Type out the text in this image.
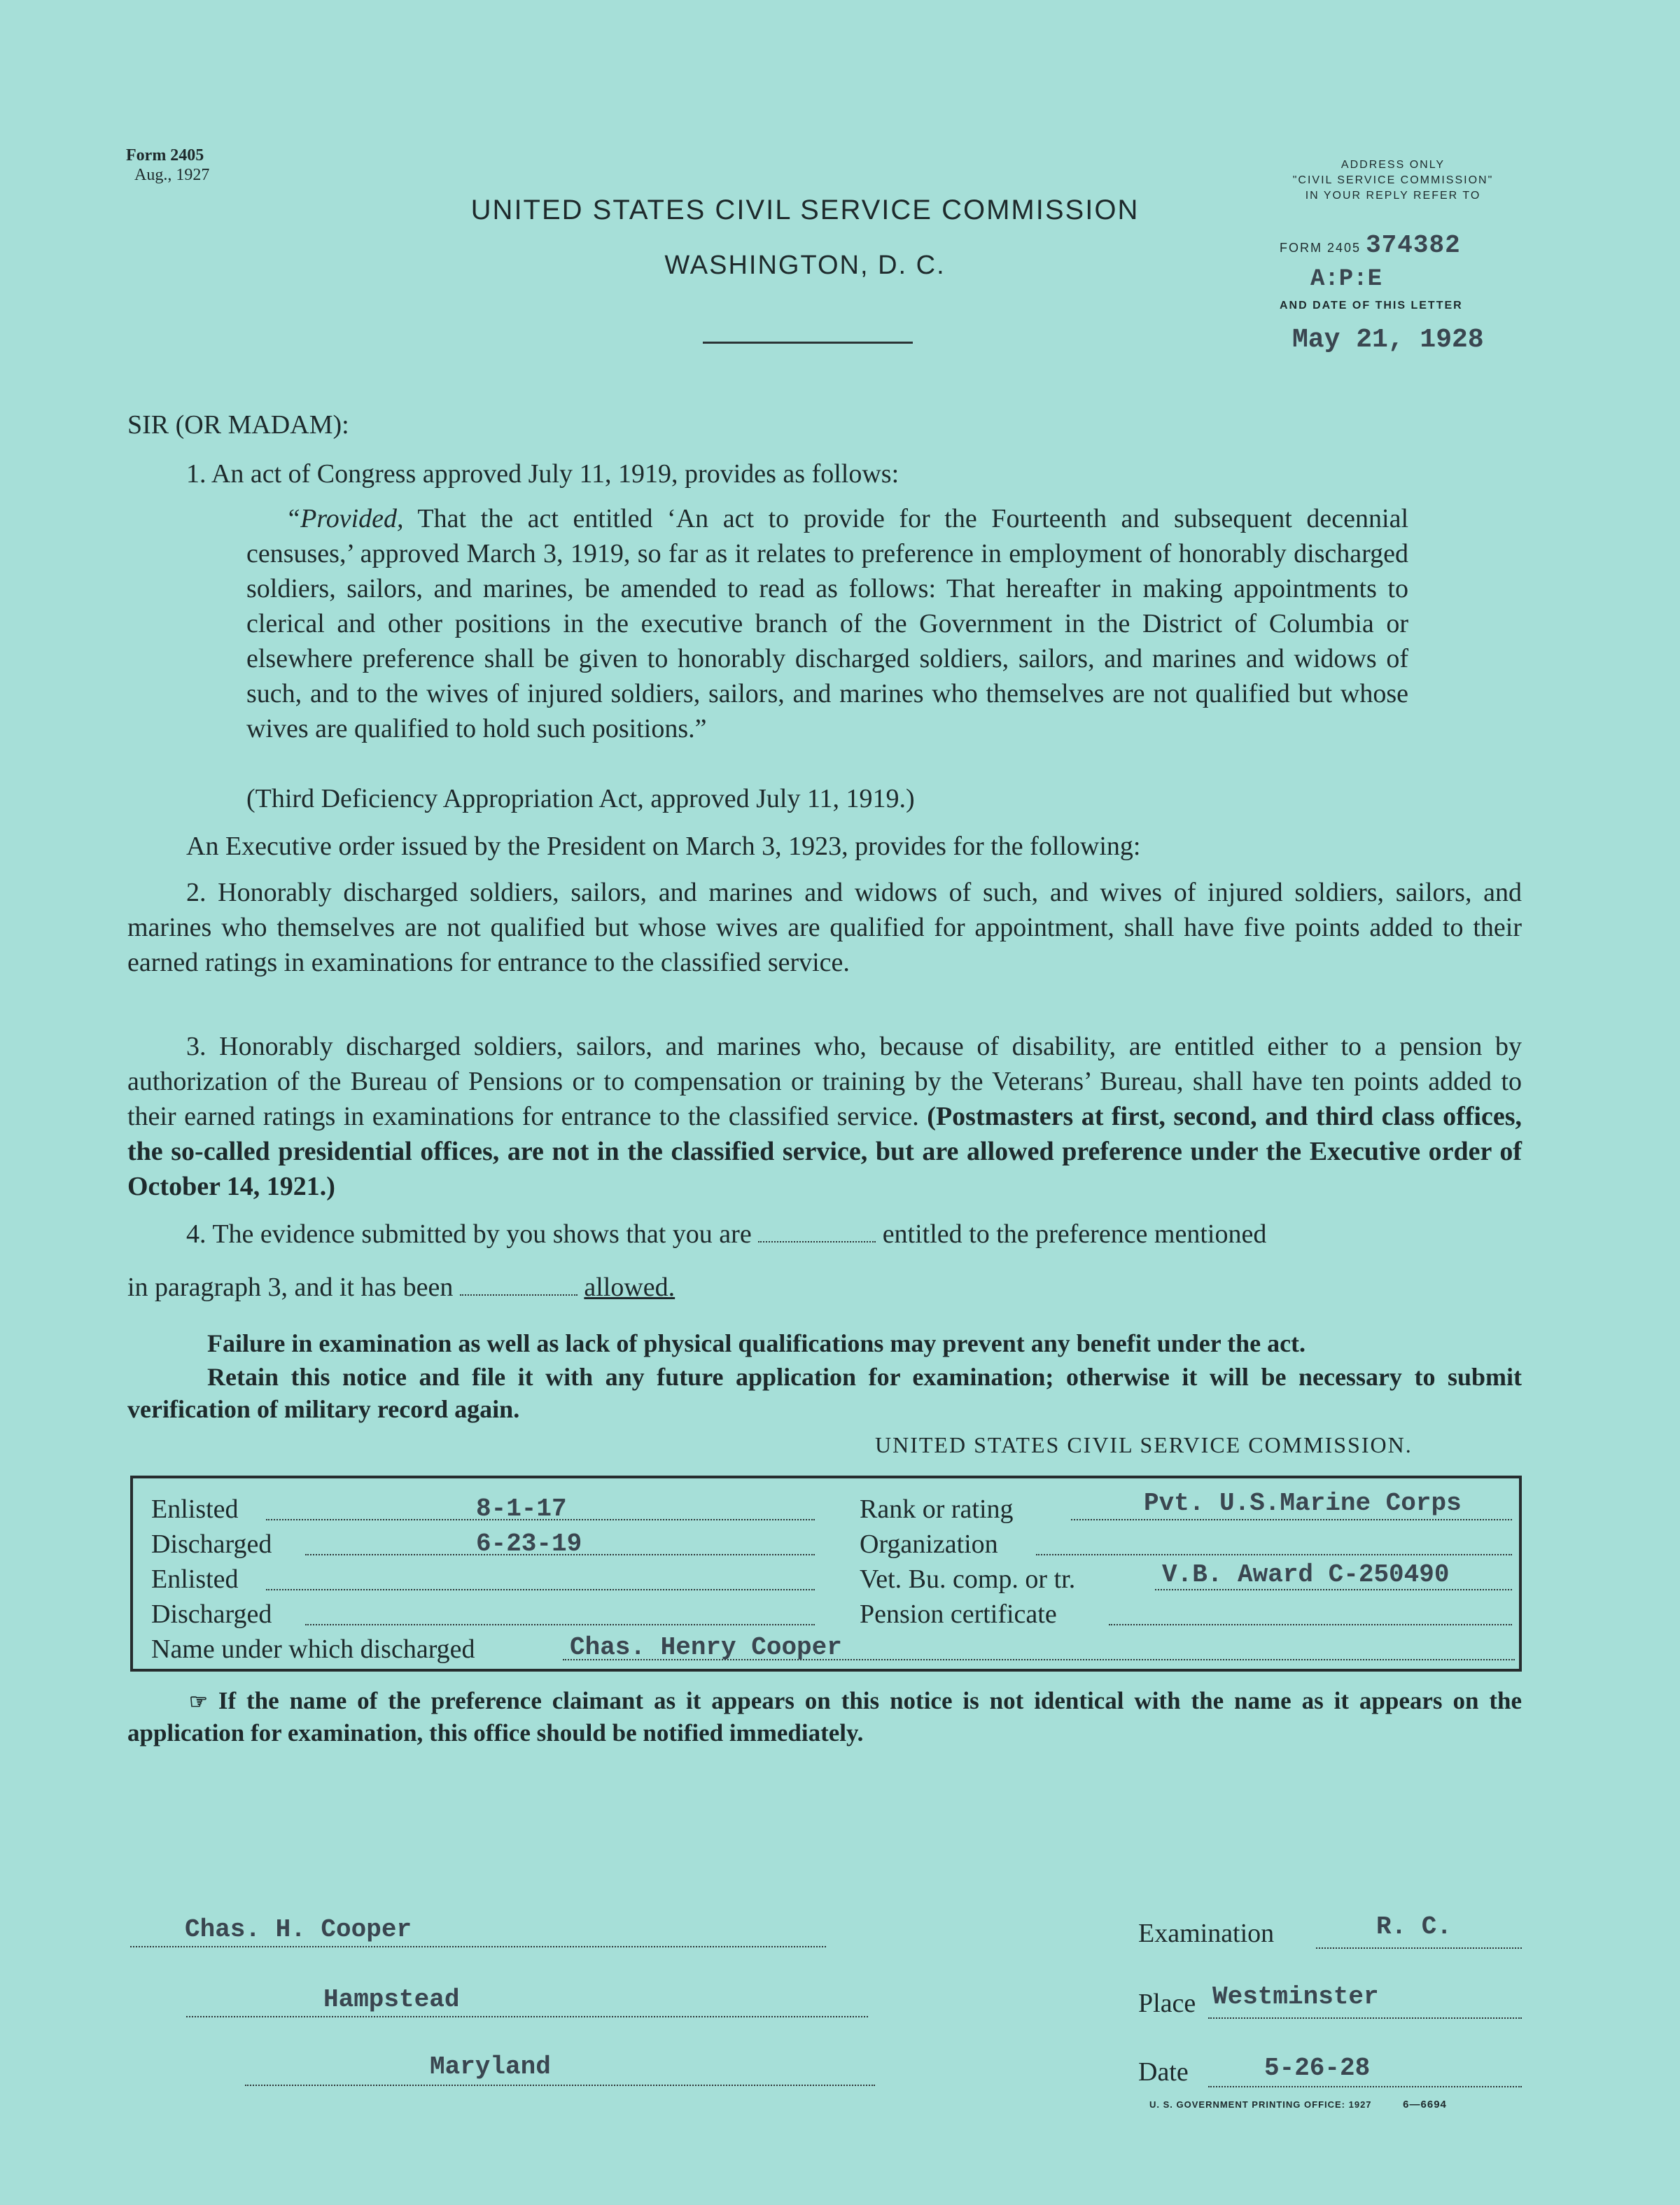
Form 2405
Aug., 1927
UNITED STATES CIVIL SERVICE COMMISSION
WASHINGTON, D. C.
ADDRESS ONLY
"CIVIL SERVICE COMMISSION"
IN YOUR REPLY REFER TO
FORM 2405 374382
A:P:E
AND DATE OF THIS LETTER
May 21, 1928
SIR (OR MADAM):
1. An act of Congress approved July 11, 1919, provides as follows:
“Provided, That the act entitled ‘An act to provide for the Fourteenth and subsequent decennial censuses,’ approved March 3, 1919, so far as it relates to preference in employment of honorably discharged soldiers, sailors, and marines, be amended to read as follows: That hereafter in making appointments to clerical and other positions in the executive branch of the Government in the District of Columbia or elsewhere preference shall be given to honorably discharged soldiers, sailors, and marines and widows of such, and to the wives of injured soldiers, sailors, and marines who themselves are not qualified but whose wives are qualified to hold such positions.”
(Third Deficiency Appropriation Act, approved July 11, 1919.)
An Executive order issued by the President on March 3, 1923, provides for the following:
2. Honorably discharged soldiers, sailors, and marines and widows of such, and wives of injured soldiers, sailors, and marines who themselves are not qualified but whose wives are qualified for appointment, shall have five points added to their earned ratings in examinations for entrance to the classified service.
3. Honorably discharged soldiers, sailors, and marines who, because of disability, are entitled either to a pension by authorization of the Bureau of Pensions or to compensation or training by the Veterans’ Bureau, shall have ten points added to their earned ratings in examinations for entrance to the classified service. (Postmasters at first, second, and third class offices, the so-called presidential offices, are not in the classified service, but are allowed preference under the Executive order of October 14, 1921.)
4. The evidence submitted by you shows that you are	entitled to the preference mentioned
in paragraph 3, and it has been	allowed.
Failure in examination as well as lack of physical qualifications may prevent any benefit under the act.
Retain this notice and file it with any future application for examination; otherwise it will be necessary to submit verification of military record again.
UNITED STATES CIVIL SERVICE COMMISSION.
Enlisted	8-1-17
Discharged	6-23-19
Enlisted
Discharged
Name under which discharged	Chas. Henry Cooper
Rank or rating	Pvt. U.S.Marine Corps
Organization
Vet. Bu. comp. or tr.	V.B. Award C-250490
Pension certificate
☞ If the name of the preference claimant as it appears on this notice is not identical with the name as it appears on the application for examination, this office should be notified immediately.
Chas. H. Cooper
Hampstead
Maryland
Examination	R. C.
Place Westminster
Date	5-26-28
U. S. GOVERNMENT PRINTING OFFICE: 1927	6—6694
